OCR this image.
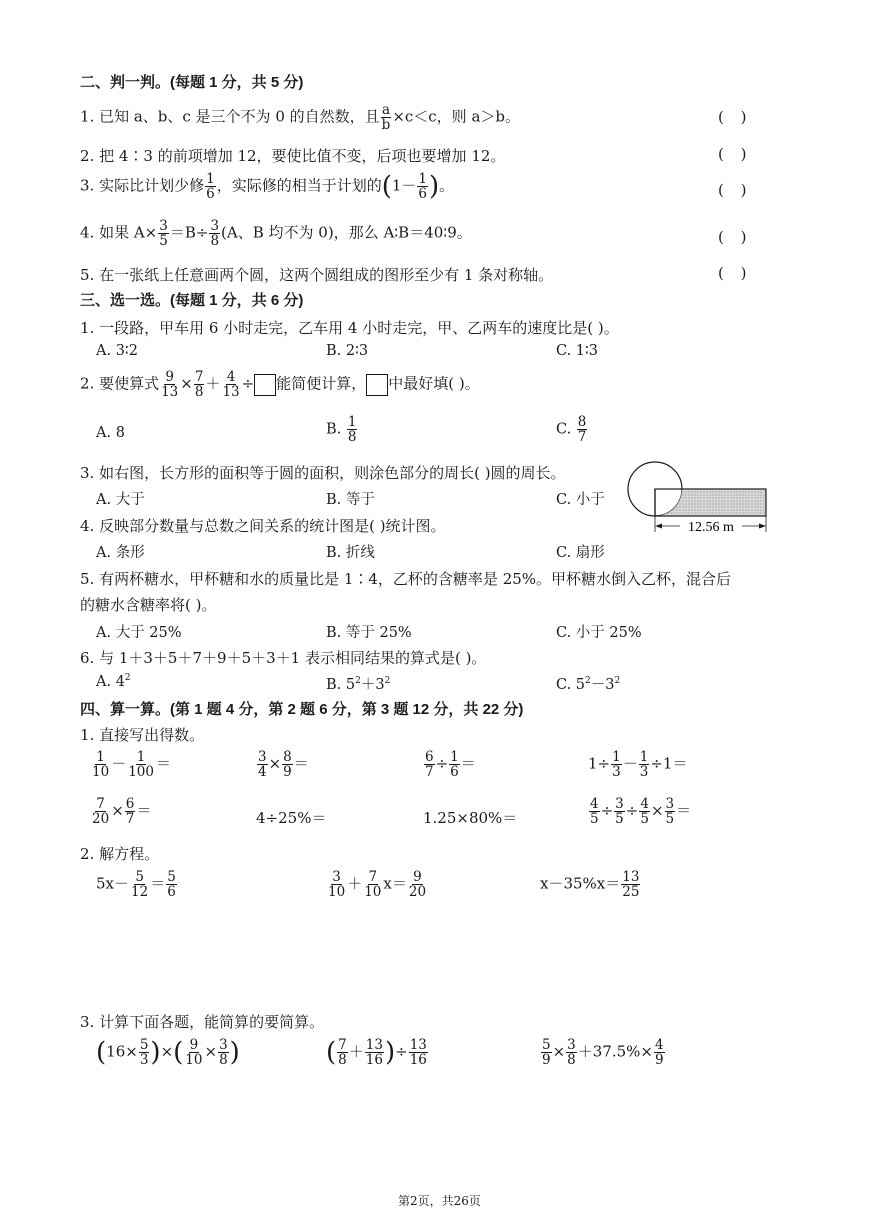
二、判一判。(每题 1 分，共 5 分)
1. 已知 a、b、c 是三个不为 0 的自然数，且 $\frac{a}{b} \times c<c$，则 a＞b。	( )
2. 把 4∶3 的前项增加 12，要使比值不变，后项也要增加 12。	( )
3. 实际比计划少修 $\frac{1}{6}$ ，实际修的相当于计划的($1- \frac{1}{6}$ )。	( )
4. 如果 $A\times \frac{3}{5} =B\div \frac{3}{8} (A$、B 均不为 0)，那么 A∶B＝40∶9。	( )
5. 在一张纸上任意画两个圆，这两个圆组成的图形至少有 1 条对称轴。	( )
三、选一选。(每题 1 分，共 6 分)
1. 一段路，甲车用 6 小时走完，乙车用 4 小时走完，甲、乙两车的速度比是( )。
A. 3∶2	B. 2∶3	C. 1∶3
2. 要使算式 $\frac{9}{13} \times \frac{7}{8} + \frac{4}{13}$ ÷ 能简便计算， 中最好填( )。
A. 8	B. $\frac{1}{8}$	C. $\frac{8}{7}$
3. 如右图，长方形的面积等于圆的面积，则涂色部分的周长( )圆的周长。
A. 大于	B. 等于	C. 小于
12.56 m
4. 反映部分数量与总数之间关系的统计图是( )统计图。
A. 条形	B. 折线	C. 扇形
5. 有两杯糖水，甲杯糖和水的质量比是 1∶4，乙杯的含糖率是 25%。甲杯糖水倒入乙杯，混合后
的糖水含糖率将( )。
A. 大于 25%	B. 等于 25%	C. 小于 25%
6. 与 1＋3＋5＋7＋9＋5＋3＋1 表示相同结果的算式是( )。
A. $4^2$	B. $5^2+3^2$	C. $5^2-3^2$
四、算一算。(第 1 题 4 分，第 2 题 6 分，第 3 题 12 分，共 22 分)
1. 直接写出得数。
$\frac{1}{10} - \frac{1}{100}$ ＝	$\frac{3}{4} \times \frac{8}{9}$ ＝	$\frac{6}{7} \div \frac{1}{6}$ ＝	$1\div \frac{1}{3} - \frac{1}{3} \div 1=$
$\frac{7}{20} \times \frac{6}{7}$ ＝	4÷25%＝	1.25×80%＝	$\frac{4}{5} \div \frac{3}{5} \div \frac{4}{5} \times \frac{3}{5}$ ＝
2. 解方程。
$5x- \frac{5}{12} = \frac{5}{6}$	$\frac{3}{10} + \frac{7}{10} x= \frac{9}{20}$	$x-35\%x= \frac{13}{25}$
3. 计算下面各题，能简算的要简算。
($16\times \frac{5}{3}$ )×( $\frac{9}{10} \times \frac{3}{8}$ )	( $\frac{7}{8} + \frac{13}{16}$ )÷ $\frac{13}{16}$	$\frac{5}{9} \times \frac{3}{8} +37.5\%\times \frac{4}{9}$
第2页，共26页
